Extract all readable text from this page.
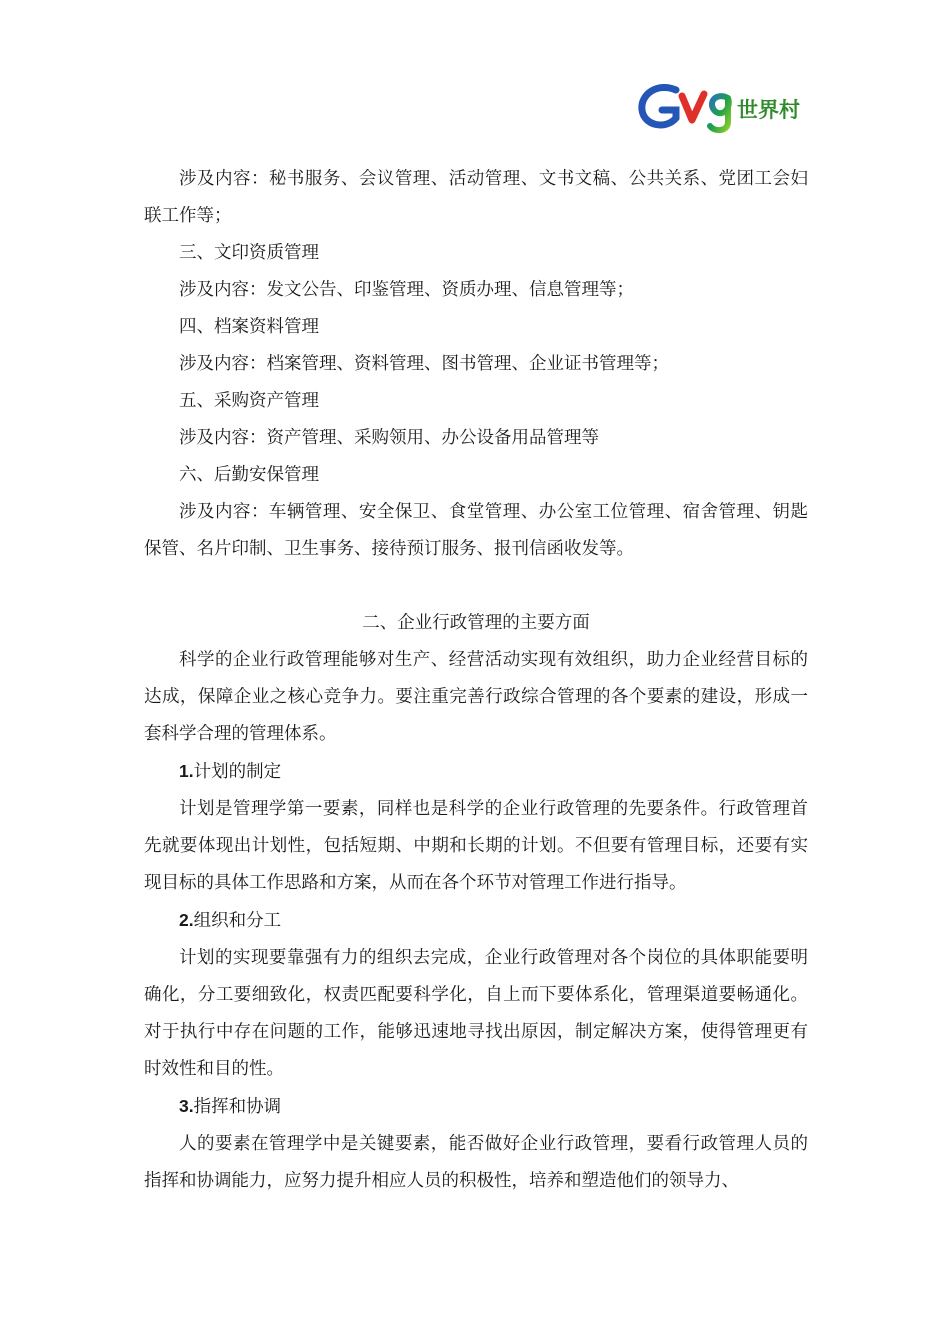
世界村

涉及内容：秘书服务、会议管理、活动管理、文书文稿、公共关系、党团工会妇联工作等；

三、文印资质管理

涉及内容：发文公告、印鉴管理、资质办理、信息管理等；

四、档案资料管理

涉及内容：档案管理、资料管理、图书管理、企业证书管理等；

五、采购资产管理

涉及内容：资产管理、采购领用、办公设备用品管理等

六、后勤安保管理

涉及内容：车辆管理、安全保卫、食堂管理、办公室工位管理、宿舍管理、钥匙保管、名片印制、卫生事务、接待预订服务、报刊信函收发等。

二、企业行政管理的主要方面

科学的企业行政管理能够对生产、经营活动实现有效组织，助力企业经营目标的达成，保障企业之核心竞争力。要注重完善行政综合管理的各个要素的建设，形成一套科学合理的管理体系。

1.计划的制定

计划是管理学第一要素，同样也是科学的企业行政管理的先要条件。行政管理首先就要体现出计划性，包括短期、中期和长期的计划。不但要有管理目标，还要有实现目标的具体工作思路和方案，从而在各个环节对管理工作进行指导。

2.组织和分工

计划的实现要靠强有力的组织去完成，企业行政管理对各个岗位的具体职能要明确化，分工要细致化，权责匹配要科学化，自上而下要体系化，管理渠道要畅通化。对于执行中存在问题的工作，能够迅速地寻找出原因，制定解决方案，使得管理更有时效性和目的性。

3.指挥和协调

人的要素在管理学中是关键要素，能否做好企业行政管理，要看行政管理人员的指挥和协调能力，应努力提升相应人员的积极性，培养和塑造他们的领导力、
